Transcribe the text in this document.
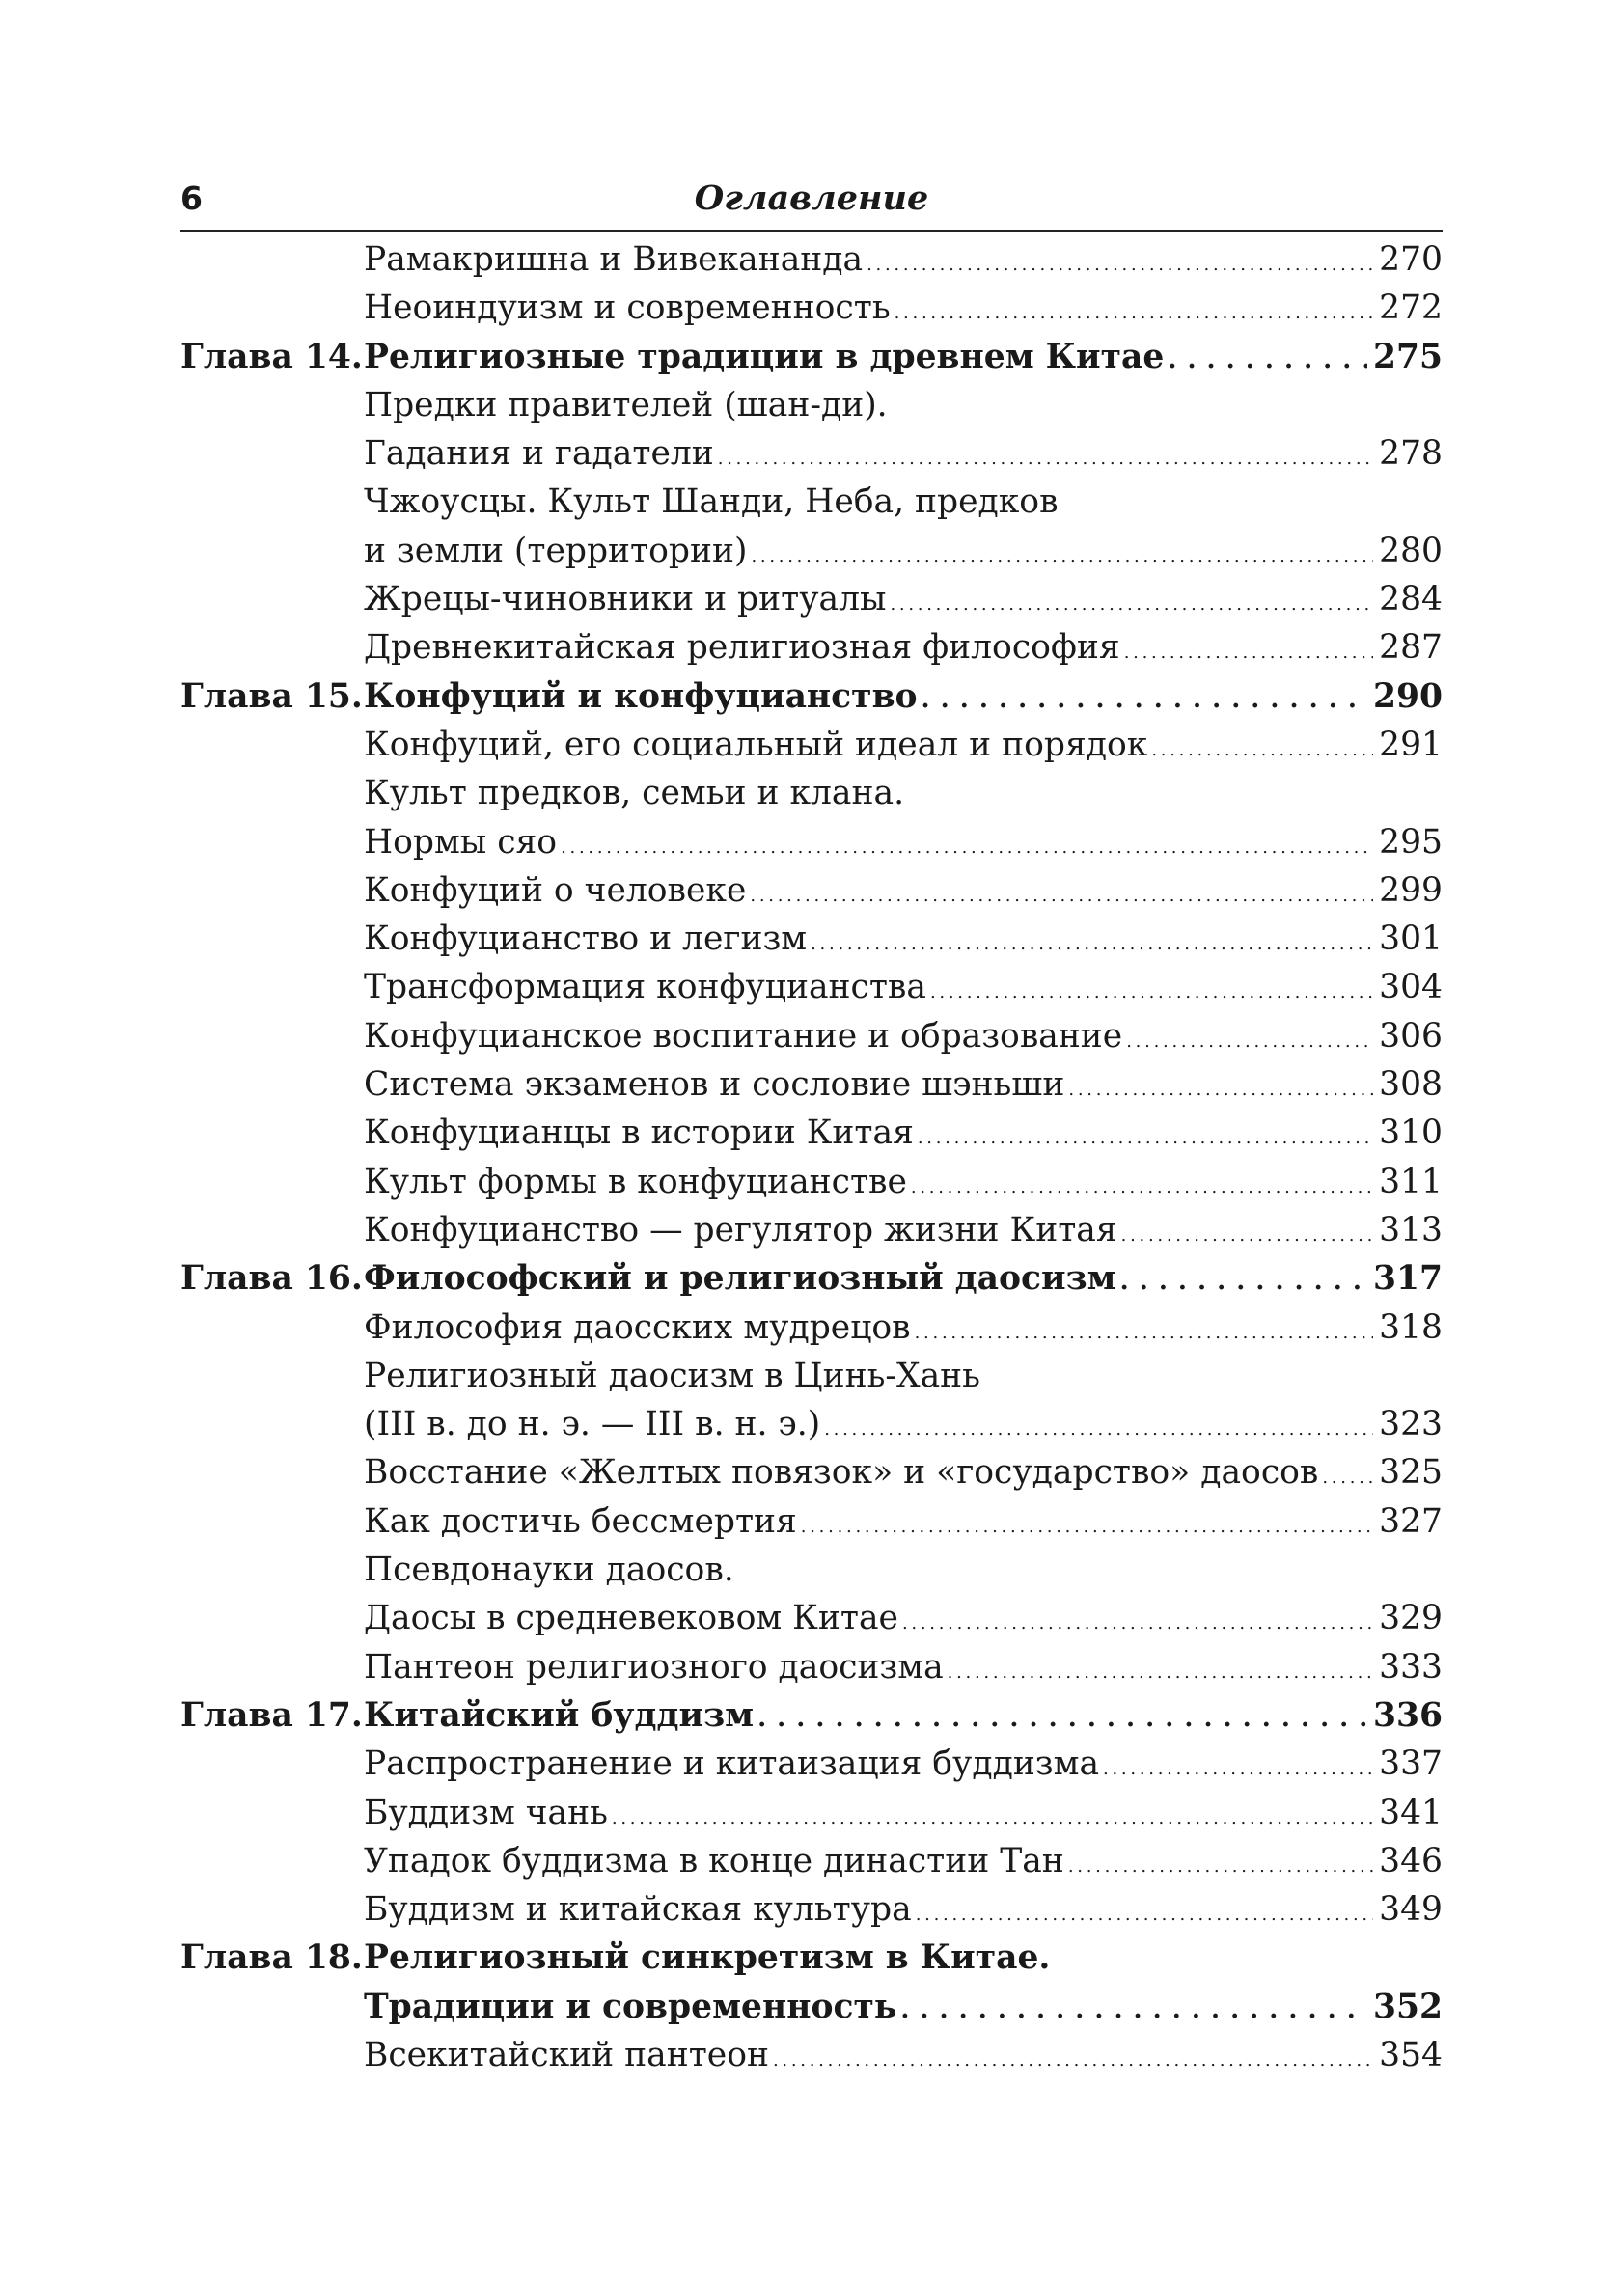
6	Оглавление
Рамакришна и Вивекананда . . .	270
Неоиндуизм и современность . . .	272
Глава 14. Религиозные традиции в древнем Китае . . .	275
Предки правителей (шан-ди).
Гадания и гадатели . . .	278
Чжоусцы. Культ Шанди, Неба, предков
и земли (территории) . . .	280
Жрецы-чиновники и ритуалы . . .	284
Древнекитайская религиозная философия . . .	287
Глава 15. Конфуций и конфуцианство . . .	290
Конфуций, его социальный идеал и порядок . . .	291
Культ предков, семьи и клана.
Нормы сяо . . .	295
Конфуций о человеке . . .	299
Конфуцианство и легизм . . .	301
Трансформация конфуцианства . . .	304
Конфуцианское воспитание и образование . . .	306
Система экзаменов и сословие шэньши . . .	308
Конфуцианцы в истории Китая . . .	310
Культ формы в конфуцианстве . . .	311
Конфуцианство — регулятор жизни Китая . . .	313
Глава 16. Философский и религиозный даосизм . . .	317
Философия даосских мудрецов . . .	318
Религиозный даосизм в Цинь-Хань
(III в. до н. э. — III в. н. э.) . . .	323
Восстание «Желтых повязок» и «государство» даосов . . . 325
Как достичь бессмертия . . .	327
Псевдонауки даосов.
Даосы в средневековом Китае . . .	329
Пантеон религиозного даосизма . . .	333
Глава 17. Китайский буддизм . . .	336
Распространение и китаизация буддизма . . .	337
Буддизм чань . . .	341
Упадок буддизма в конце династии Тан . . .	346
Буддизм и китайская культура . . .	349
Глава 18. Религиозный синкретизм в Китае.
Традиции и современность . . .	352
Всекитайский пантеон . . .	354
